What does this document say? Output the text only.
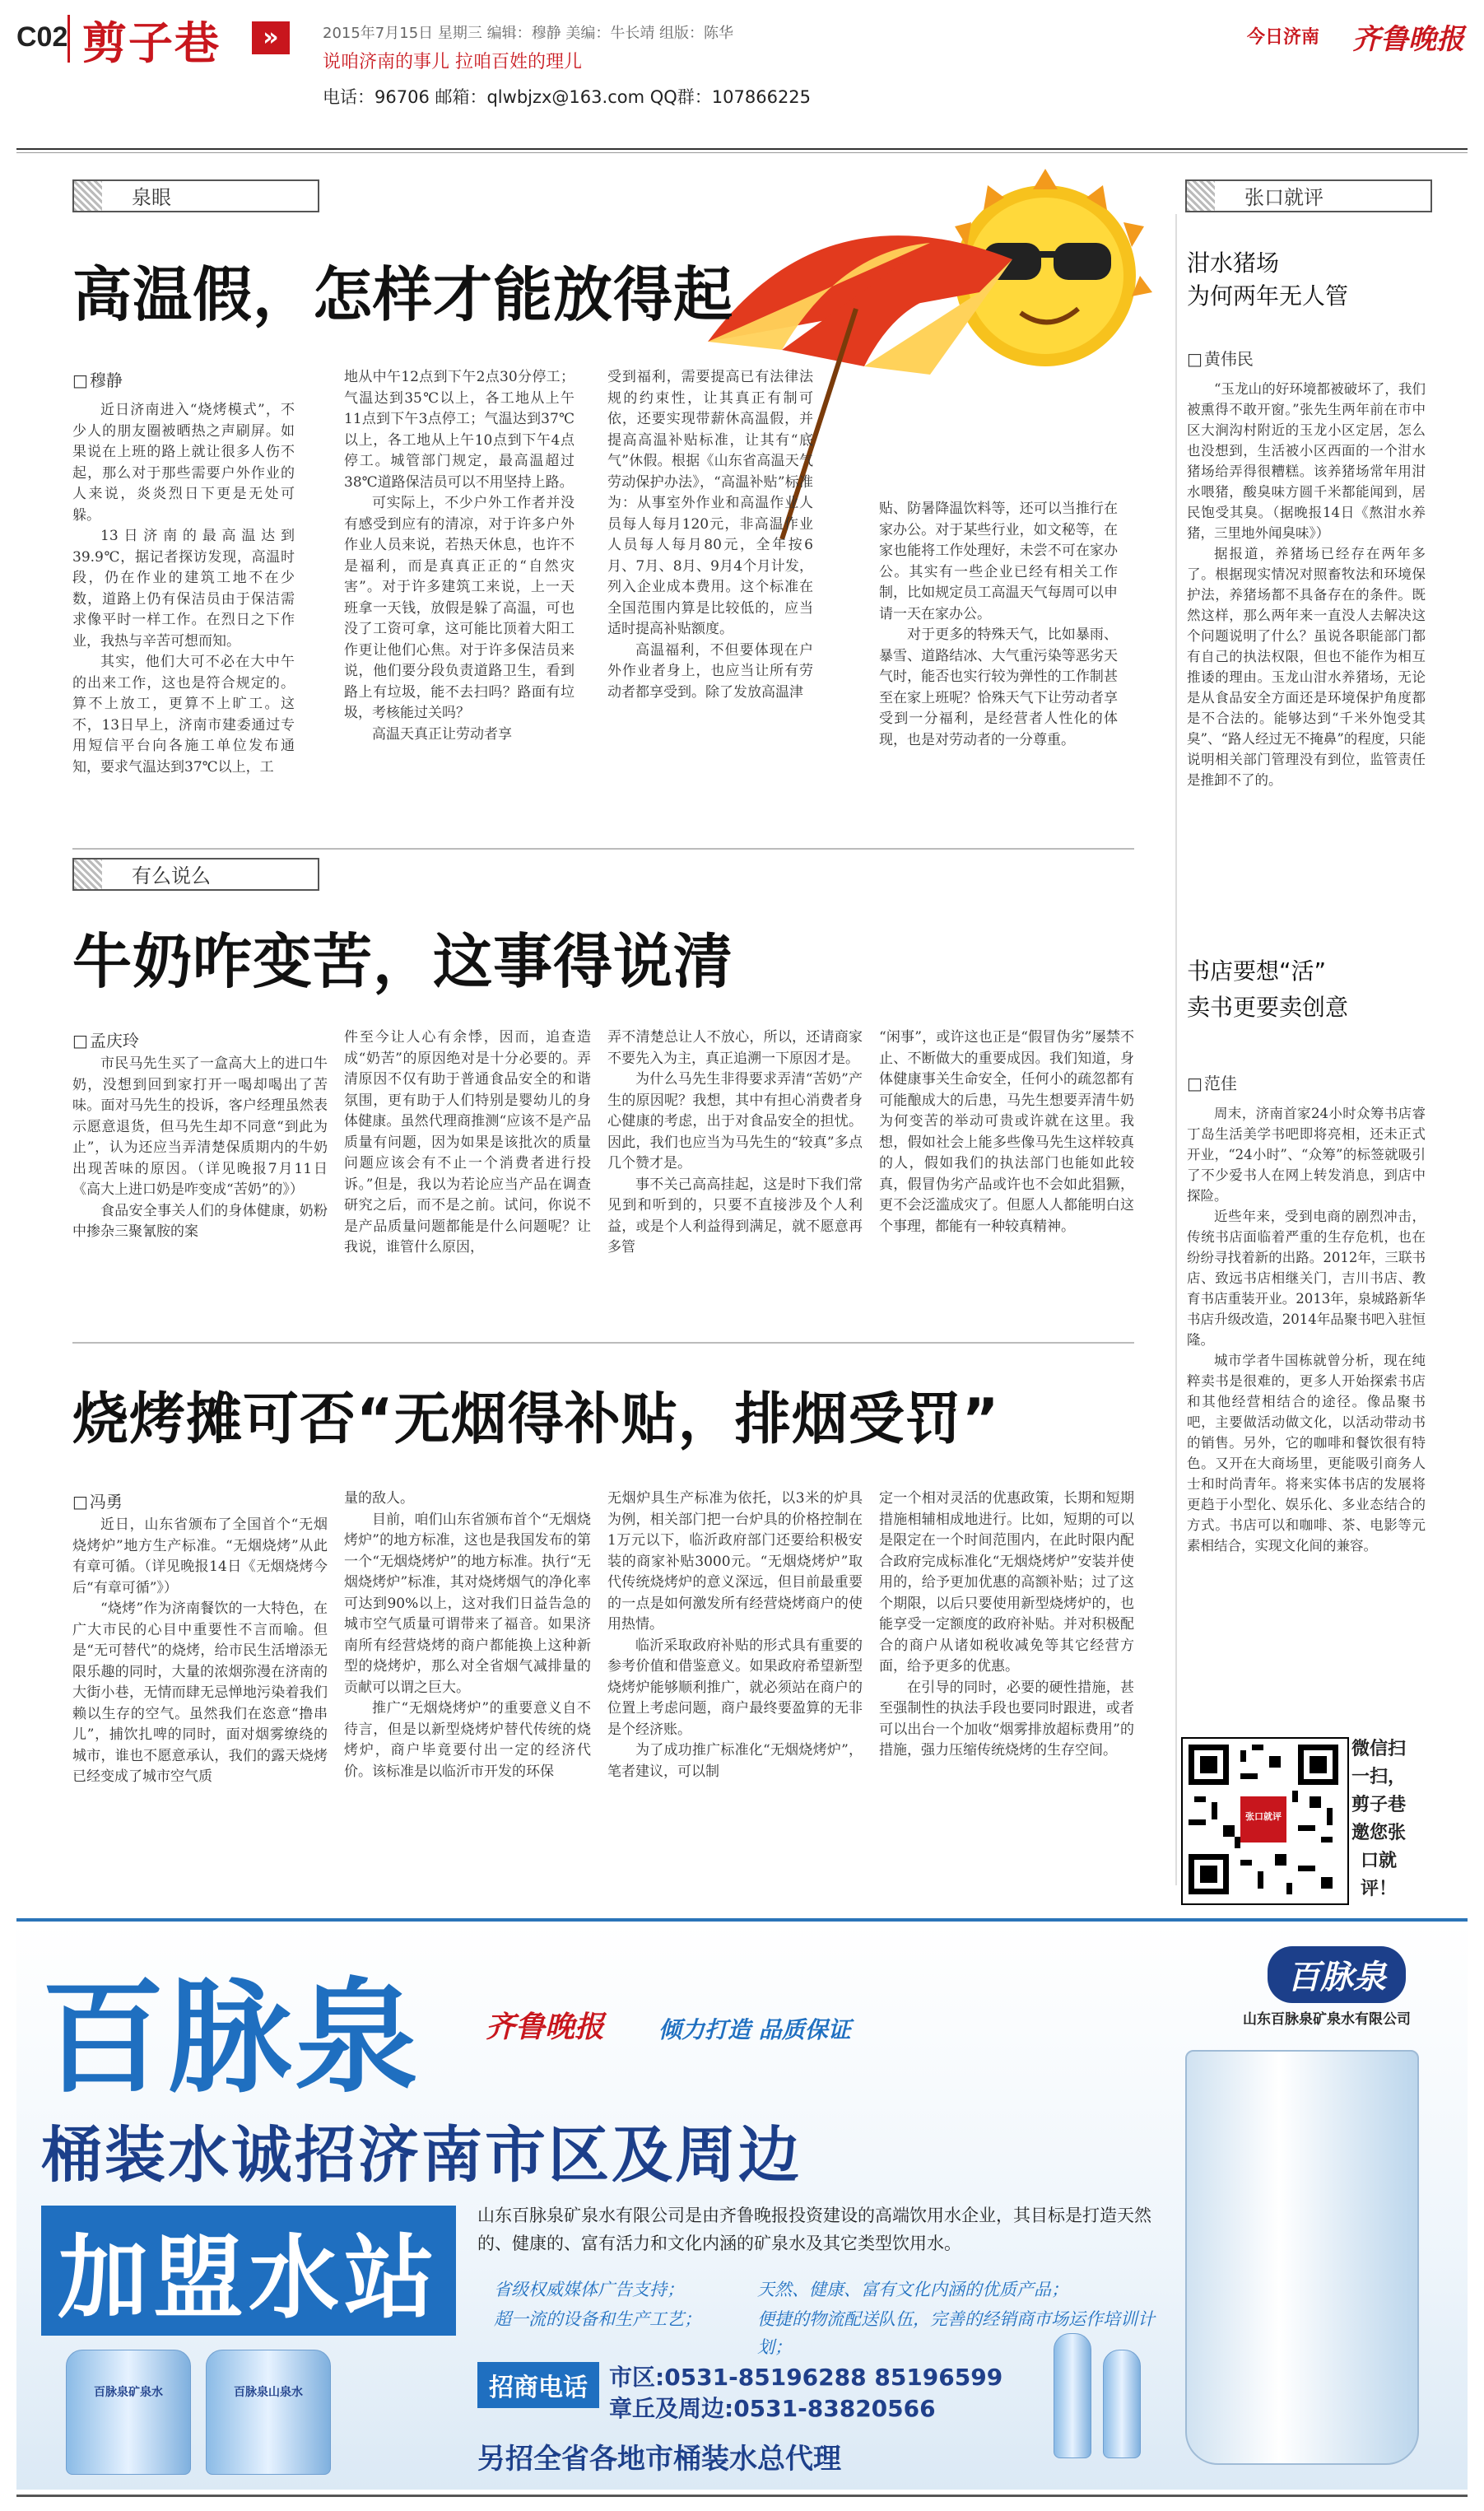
C02 剪子巷	»	2015年7月15日 星期三 编辑：穆静 美编：牛长靖 组版：陈华
说咱济南的事儿 拉咱百姓的理儿
电话：96706 邮箱：qlwbjzx@163.com QQ群：107866225
今日济南 齐鲁晚报
泉眼
高温假，怎样才能放得起
□ 穆静

近日济南进入“烧烤模式”，不少人的朋友圈被晒热之声刷屏。如果说在上班的路上就让很多人伤不起，那么对于那些需要户外作业的人来说，炎炎烈日下更是无处可躲。

13日济南的最高温达到39.9℃，据记者探访发现，高温时段，仍在作业的建筑工地不在少数，道路上仍有保洁员由于保洁需求像平时一样工作。在烈日之下作业，我热与辛苦可想而知。

其实，他们大可不必在大中午的出来工作，这也是符合规定的。算不上放工，更算不上旷工。这不，13日早上，济南市建委通过专用短信平台向各施工单位发布通知，要求气温达到37℃以上，工

地从中午12点到下午2点30分停工；气温达到35℃以上，各工地从上午11点到下午3点停工；气温达到37℃以上，各工地从上午10点到下午4点停工。城管部门规定，最高温超过38℃道路保洁员可以不用坚持上路。

可实际上，不少户外工作者并没有感受到应有的清凉，对于许多户外作业人员来说，若热天休息，也许不是福利，而是真真正正的“自然灾害”。对于许多建筑工来说，上一天班拿一天钱，放假是躲了高温，可也没了工资可拿，这可能比顶着大阳工作更让他们心焦。对于许多保洁员来说，他们要分段负责道路卫生，看到路上有垃圾，能不去扫吗？路面有垃圾，考核能过关吗？

高温天真正让劳动者享

受到福利，需要提高已有法律法规的约束性，让其真正有制可依，还要实现带薪休高温假，并提高高温补贴标准，让其有“底气”休假。根据《山东省高温天气劳动保护办法》，“高温补贴”标准为：从事室外作业和高温作业人员每人每月120元，非高温作业人员每人每月80元，全年按6月、7月、8月、9月4个月计发，列入企业成本费用。这个标准在全国范围内算是比较低的，应当适时提高补贴额度。

高温福利，不但要体现在户外作业者身上，也应当让所有劳动者都享受到。除了发放高温津

贴、防暑降温饮料等，还可以当推行在家办公。对于某些行业，如文秘等，在家也能将工作处理好，未尝不可在家办公。其实有一些企业已经有相关工作制，比如规定员工高温天气每周可以申请一天在家办公。

对于更多的特殊天气，比如暴雨、暴雪、道路结冰、大气重污染等恶劣天气时，能否也实行较为弹性的工作制甚至在家上班呢？恰殊天气下让劳动者享受到一分福利，是经营者人性化的体现，也是对劳动者的一分尊重。

有么说么
牛奶咋变苦，这事得说清
□ 孟庆玲

市民马先生买了一盒高大上的进口牛奶，没想到回到家打开一喝却喝出了苦味。面对马先生的投诉，客户经理虽然表示愿意退货，但马先生却不同意“到此为止”，认为还应当弄清楚保质期内的牛奶出现苦味的原因。（详见晚报7月11日《高大上进口奶是咋变成“苦奶”的》）

食品安全事关人们的身体健康，奶粉中掺杂三聚氰胺的案

件至今让人心有余悸，因而，追查造成“奶苦”的原因绝对是十分必要的。弄清原因不仅有助于普通食品安全的和谐氛围，更有助于人们特别是婴幼儿的身体健康。虽然代理商推测“应该不是产品质量有问题，因为如果是该批次的质量问题应该会有不止一个消费者进行投诉。”但是，我以为若论应当产品在调查研究之后，而不是之前。试问，你说不是产品质量问题都能是什么问题呢？让我说，谁管什么原因，

弄不清楚总让人不放心，所以，还请商家不要先入为主，真正追溯一下原因才是。

为什么马先生非得要求弄清“苦奶”产生的原因呢？我想，其中有担心消费者身心健康的考虑，出于对食品安全的担忧。因此，我们也应当为马先生的“较真”多点几个赞才是。

事不关己高高挂起，这是时下我们常见到和听到的，只要不直接涉及个人利益，或是个人利益得到满足，就不愿意再多管

“闲事”，或许这也正是“假冒伪劣”屡禁不止、不断做大的重要成因。我们知道，身体健康事关生命安全，任何小的疏忽都有可能酿成大的后患，马先生想要弄清牛奶为何变苦的举动可贵或许就在这里。我想，假如社会上能多些像马先生这样较真的人，假如我们的执法部门也能如此较真，假冒伪劣产品或许也不会如此猖獗，更不会泛滥成灾了。但愿人人都能明白这个事理，都能有一种较真精神。

烧烤摊可否“无烟得补贴，排烟受罚”
□ 冯勇

近日，山东省颁布了全国首个“无烟烧烤炉”地方生产标准。“无烟烧烤”从此有章可循。（详见晚报14日《无烟烧烤今后“有章可循”》）

“烧烤”作为济南餐饮的一大特色，在广大市民的心目中重要性不言而喻。但是“无可替代”的烧烤，给市民生活增添无限乐趣的同时，大量的浓烟弥漫在济南的大街小巷，无情而肆无忌惮地污染着我们赖以生存的空气。虽然我们在恣意“撸串儿”，捕饮扎啤的同时，面对烟雾缭绕的城市，谁也不愿意承认，我们的露天烧烤已经变成了城市空气质

量的敌人。

目前，咱们山东省颁布首个“无烟烧烤炉”的地方标准，这也是我国发布的第一个“无烟烧烤炉”的地方标准。执行“无烟烧烤炉”标准，其对烧烤烟气的净化率可达到90%以上，这对我们日益告急的城市空气质量可谓带来了福音。如果济南所有经营烧烤的商户都能换上这种新型的烧烤炉，那么对全省烟气减排量的贡献可以谓之巨大。

推广“无烟烧烤炉”的重要意义自不待言，但是以新型烧烤炉替代传统的烧烤炉，商户毕竟要付出一定的经济代价。该标准是以临沂市开发的环保

无烟炉具生产标准为依托，以3米的炉具为例，相关部门把一台炉具的价格控制在1万元以下，临沂政府部门还要给积极安装的商家补贴3000元。“无烟烧烤炉”取代传统烧烤炉的意义深远，但目前最重要的一点是如何激发所有经营烧烤商户的使用热情。

临沂采取政府补贴的形式具有重要的参考价值和借鉴意义。如果政府希望新型烧烤炉能够顺利推广，就必须站在商户的位置上考虑问题，商户最终要盈算的无非是个经济账。

为了成功推广标准化“无烟烧烤炉”，笔者建议，可以制

定一个相对灵活的优惠政策，长期和短期措施相辅相成地进行。比如，短期的可以是限定在一个时间范围内，在此时限内配合政府完成标准化“无烟烧烤炉”安装并使用的，给予更加优惠的高额补贴；过了这个期限，以后只要使用新型烧烤炉的，也能享受一定额度的政府补贴。并对积极配合的商户从诸如税收减免等其它经营方面，给予更多的优惠。

在引导的同时，必要的硬性措施，甚至强制性的执法手段也要同时跟进，或者可以出台一个加收“烟雾排放超标费用”的措施，强力压缩传统烧烤的生存空间。

张口就评
泔水猪场
为何两年无人管
□ 黄伟民

“玉龙山的好环境都被破坏了，我们被熏得不敢开窗。”张先生两年前在市中区大涧沟村附近的玉龙小区定居，怎么也没想到，生活被小区西面的一个泔水猪场给弄得很糟糕。该养猪场常年用泔水喂猪，酸臭味方圆千米都能闻到，居民饱受其臭。（据晚报14日《熬泔水养猪，三里地外闻臭味》）

据报道，养猪场已经存在两年多了。根据现实情况对照畜牧法和环境保护法，养猪场都不具备存在的条件。既然这样，那么两年来一直没人去解决这个问题说明了什么？虽说各职能部门都有自己的执法权限，但也不能作为相互推诿的理由。玉龙山泔水养猪场，无论是从食品安全方面还是环境保护角度都是不合法的。能够达到“千米外饱受其臭”、“路人经过无不掩鼻”的程度，只能说明相关部门管理没有到位，监管责任是推卸不了的。

书店要想“活”
卖书更要卖创意
□ 范佳

周末，济南首家24小时众筹书店睿丁岛生活美学书吧即将亮相，还未正式开业，“24小时”、“众筹”的标签就吸引了不少爱书人在网上转发消息，到店中探险。

近些年来，受到电商的剧烈冲击，传统书店面临着严重的生存危机，也在纷纷寻找着新的出路。2012年，三联书店、致远书店相继关门，吉川书店、教育书店重装开业。2013年，泉城路新华书店升级改造，2014年品聚书吧入驻恒隆。

城市学者牛国栋就曾分析，现在纯粹卖书是很难的，更多人开始探索书店和其他经营相结合的途径。像品聚书吧，主要做活动做文化，以活动带动书的销售。另外，它的咖啡和餐饮很有特色。又开在大商场里，更能吸引商务人士和时尚青年。将来实体书店的发展将更趋于小型化、娱乐化、多业态结合的方式。书店可以和咖啡、茶、电影等元素相结合，实现文化间的兼容。

张口就评
微信扫一扫，剪子巷邀您张口就评！
百脉泉 齐鲁晚报 倾力打造 品质保证
桶装水诚招济南市区及周边
加盟水站
山东百脉泉矿泉水有限公司是由齐鲁晚报投资建设的高端饮用水企业，其目标是打造天然的、健康的、富有活力和文化内涵的矿泉水及其它类型饮用水。
省级权威媒体广告支持；	天然、健康、富有文化内涵的优质产品；
超一流的设备和生产工艺；	便捷的物流配送队伍，完善的经销商市场运作培训计划；
招商电话 市区:0531-85196288 85196599
章丘及周边:0531-83820566
另招全省各地市桶装水总代理
百脉泉
山东百脉泉矿泉水有限公司
百脉泉矿泉水	百脉泉山泉水
